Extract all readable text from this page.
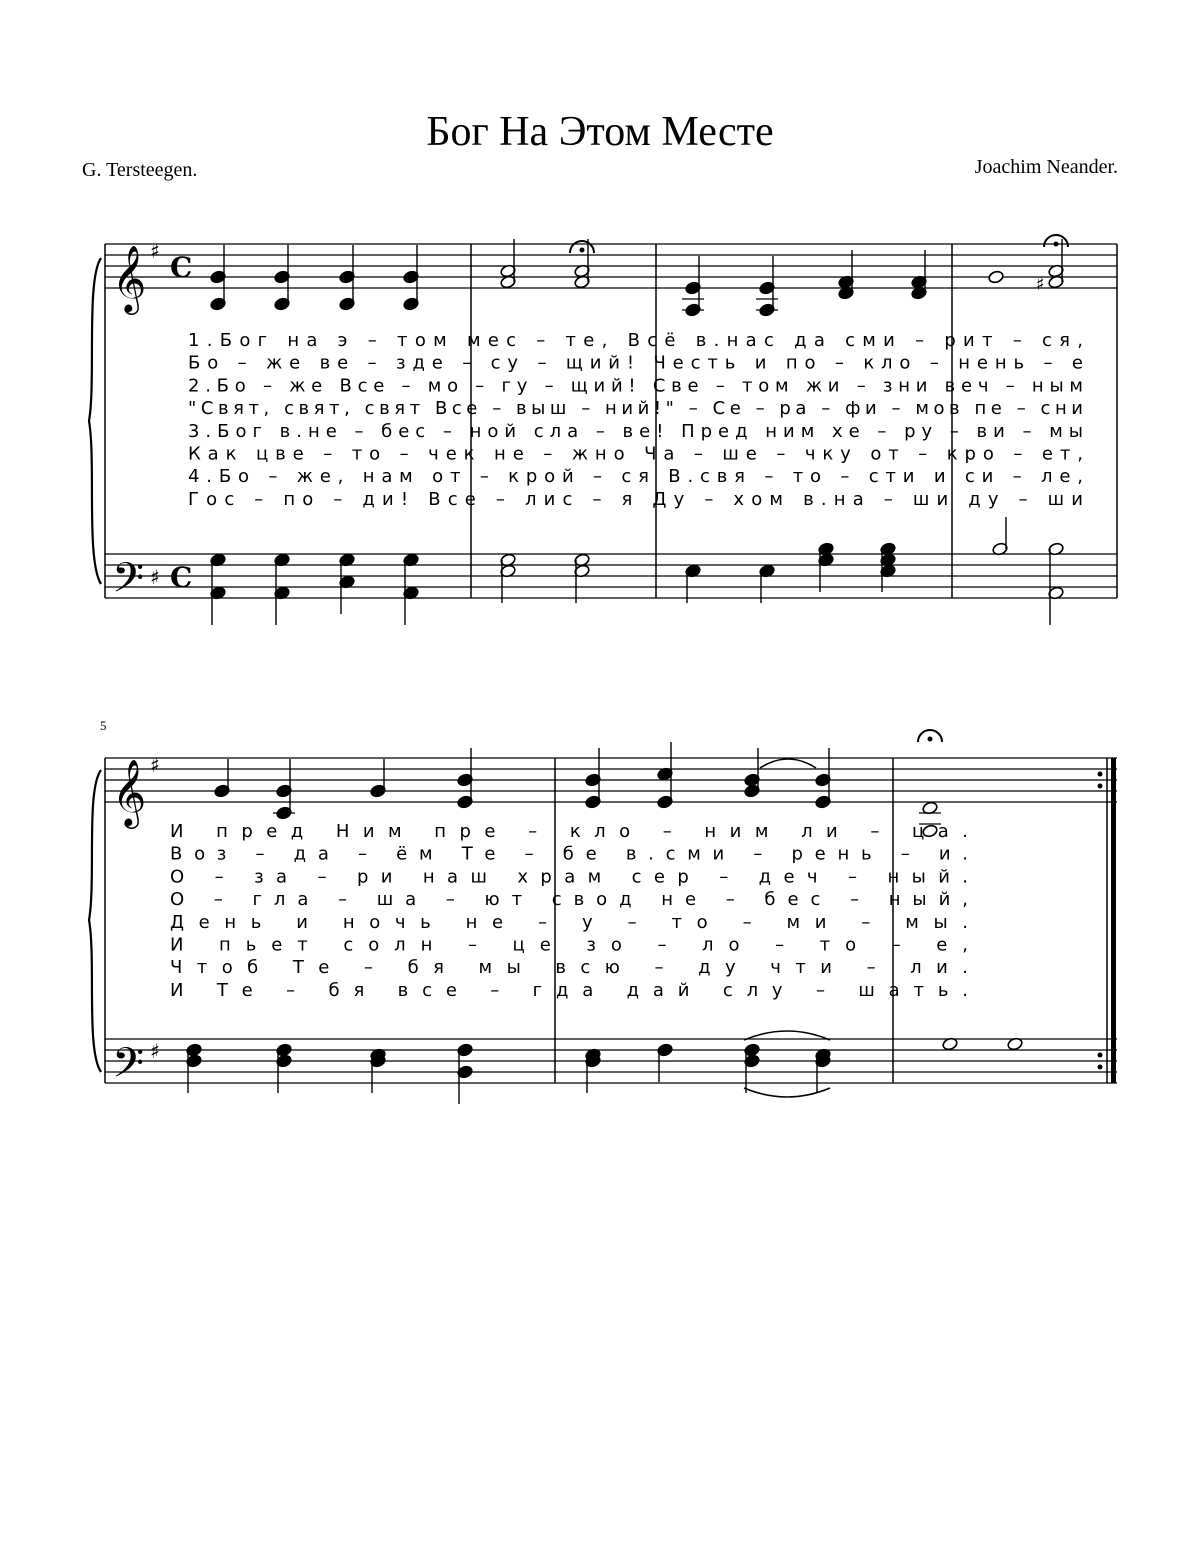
Бог На Этом Месте
G. Tersteegen.	Joachim Neander.
5
𝄞
𝄢
𝄞
𝄢
♯
♯
♯
♯
C
C
♯
1.Бог на э – том мес – те, Всё в.нас да сми – рит – ся,
Бо – же ве – зде – су – щий! Честь и по – кло – нень – е
2.Бо – же Все – мо – гу – щий! Све – том жи – зни веч – ным
"Свят, свят, свят Все – выш – ний!" – Се – ра – фи – мов пе – сни
3.Бог в.не – бес – ной сла – ве! Пред ним хе – ру – ви – мы
Как цве – то – чек не – жно Ча – ше – чку от – кро – ет,
4.Бо – же, нам от – крой – ся В.свя – то – сти и си – ле,
Гос – по – ди! Все – лис – я Ду – хом в.на – ши ду – ши
И пред Ним пре – кло – ним ли – ца.
Воз – да – ём Те – бе в.сми – рень – и.
О – за – ри наш храм сер – деч – ный.
О – гла – ша – ют свод не – бес – ный,
День и ночь не – у – то – ми – мы.
И пьет солн – це зо – ло – то – е,
Чтоб Те – бя мы всю – ду чти – ли.
И Те – бя все – гда дай слу – шать.
